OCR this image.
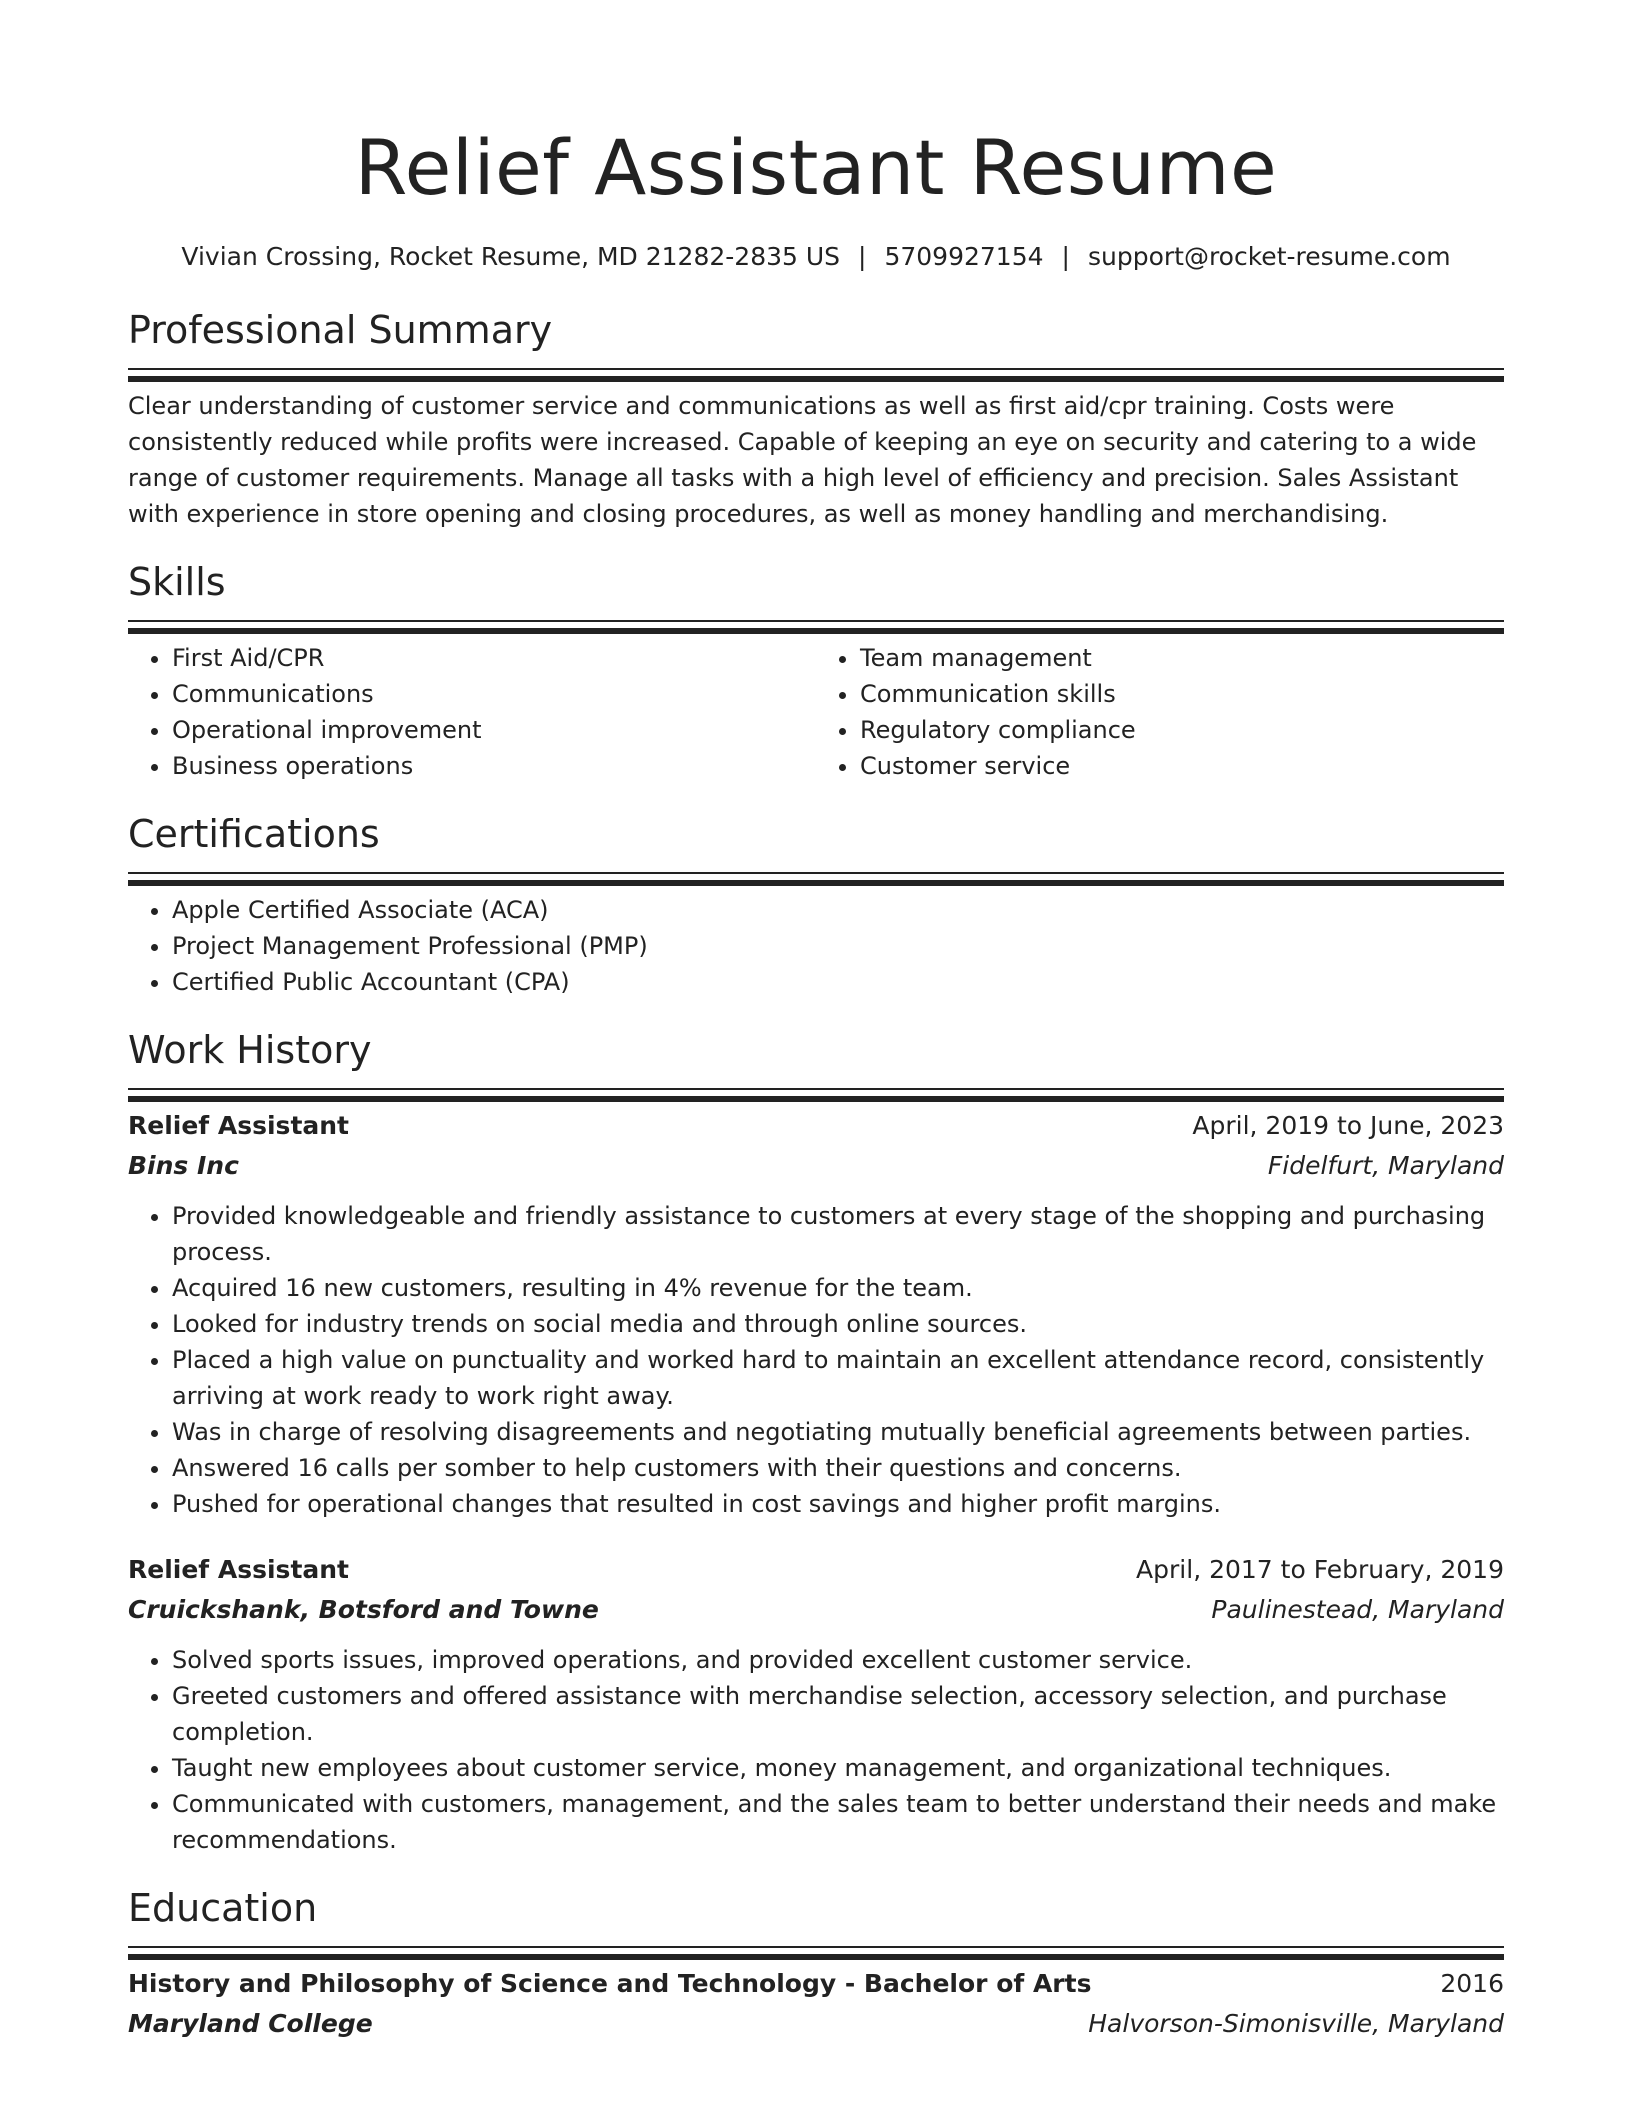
Relief Assistant Resume
Vivian Crossing, Rocket Resume, MD 21282-2835 US | 5709927154 | support@rocket-resume.com
Professional Summary

Clear understanding of customer service and communications as well as first aid/cpr training. Costs were consistently reduced while profits were increased. Capable of keeping an eye on security and catering to a wide range of customer requirements. Manage all tasks with a high level of efficiency and precision. Sales Assistant with experience in store opening and closing procedures, as well as money handling and merchandising.

Skills
• First Aid/CPR
• Communications
• Operational improvement
• Business operations
• Team management
• Communication skills
• Regulatory compliance
• Customer service
Certifications
• Apple Certified Associate (ACA)
• Project Management Professional (PMP)
• Certified Public Accountant (CPA)
Work History
Relief Assistant	April, 2019 to June, 2023
Bins Inc	Fidelfurt, Maryland
• Provided knowledgeable and friendly assistance to customers at every stage of the shopping and purchasing process.
• Acquired 16 new customers, resulting in 4% revenue for the team.
• Looked for industry trends on social media and through online sources.
• Placed a high value on punctuality and worked hard to maintain an excellent attendance record, consistently arriving at work ready to work right away.
• Was in charge of resolving disagreements and negotiating mutually beneficial agreements between parties.
• Answered 16 calls per somber to help customers with their questions and concerns.
• Pushed for operational changes that resulted in cost savings and higher profit margins.
Relief Assistant	April, 2017 to February, 2019
Cruickshank, Botsford and Towne	Paulinestead, Maryland
• Solved sports issues, improved operations, and provided excellent customer service.
• Greeted customers and offered assistance with merchandise selection, accessory selection, and purchase completion.
• Taught new employees about customer service, money management, and organizational techniques.
• Communicated with customers, management, and the sales team to better understand their needs and make recommendations.
Education
History and Philosophy of Science and Technology - Bachelor of Arts	2016
Maryland College	Halvorson-Simonisville, Maryland
